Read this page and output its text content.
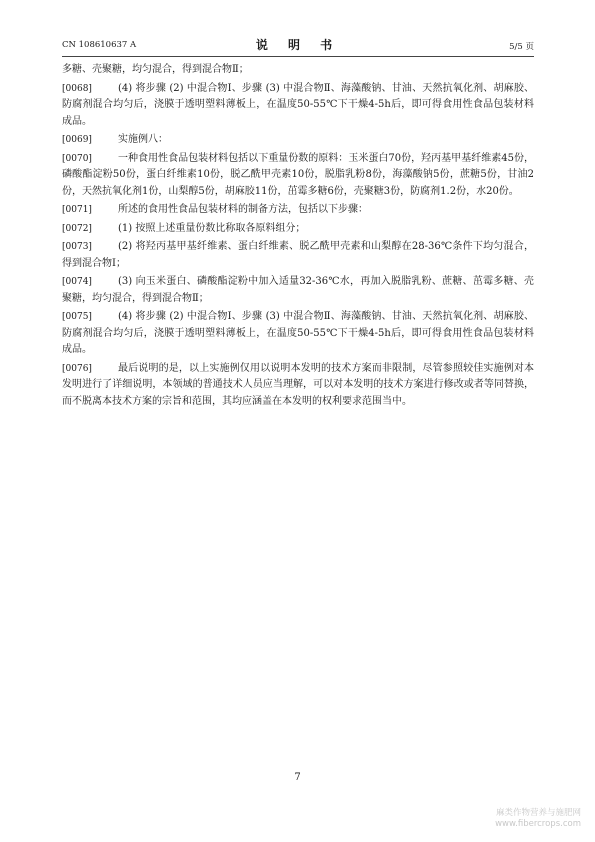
CN 108610637 A	说 明 书	5/5 页
多糖、壳聚糖，均匀混合，得到混合物Ⅱ；
[0068]	(4) 将步骤 (2) 中混合物Ⅰ、步骤 (3) 中混合物Ⅱ、海藻酸钠、甘油、天然抗氧化剂、胡麻胶、防腐剂混合均匀后，浇膜于透明塑料薄板上，在温度50-55℃下干燥4-5h后，即可得食用性食品包装材料成品。
[0069]	实施例八：
[0070]	一种食用性食品包装材料包括以下重量份数的原料：玉米蛋白70份，羟丙基甲基纤维素45份，磷酸酯淀粉50份，蛋白纤维素10份，脱乙酰甲壳素10份，脱脂乳粉8份，海藻酸钠5份，蔗糖5份，甘油2份，天然抗氧化剂1份，山梨醇5份，胡麻胶11份，茁霉多糖6份，壳聚糖3份，防腐剂1.2份，水20份。
[0071]	所述的食用性食品包装材料的制备方法，包括以下步骤：
[0072]	(1) 按照上述重量份数比称取各原料组分；
[0073]	(2) 将羟丙基甲基纤维素、蛋白纤维素、脱乙酰甲壳素和山梨醇在28-36℃条件下均匀混合，得到混合物Ⅰ；
[0074]	(3) 向玉米蛋白、磷酸酯淀粉中加入适量32-36℃水，再加入脱脂乳粉、蔗糖、茁霉多糖、壳聚糖，均匀混合，得到混合物Ⅱ；
[0075]	(4) 将步骤 (2) 中混合物Ⅰ、步骤 (3) 中混合物Ⅱ、海藻酸钠、甘油、天然抗氧化剂、胡麻胶、防腐剂混合均匀后，浇膜于透明塑料薄板上，在温度50-55℃下干燥4-5h后，即可得食用性食品包装材料成品。
[0076]	最后说明的是，以上实施例仅用以说明本发明的技术方案而非限制，尽管参照较佳实施例对本发明进行了详细说明，本领域的普通技术人员应当理解，可以对本发明的技术方案进行修改或者等同替换，而不脱离本技术方案的宗旨和范围，其均应涵盖在本发明的权利要求范围当中。
7
麻类作物营养与施肥网
www.fibercrops.com
